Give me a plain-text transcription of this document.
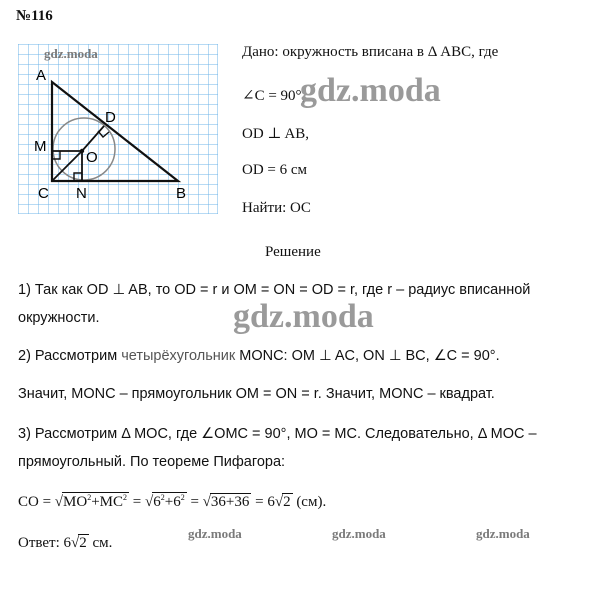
№116
A
M
O
D
C N	B
gdz.moda	Дано: окружность вписана в Δ ABC, где
∠C = 90°,
OD ⊥ AB,
OD = 6 см
Найти: OC
gdz.moda
Решение
1) Так как OD ⊥ AB, то OD = r и OM = ON = OD = r, где r – радиус вписанной
окружности.	gdz.moda
2) Рассмотрим четырёхугольник MONC: OM ⊥ AC, ON ⊥ BC, ∠C = 90°.
Значит, MONC – прямоугольник OM = ON = r. Значит, MONC – квадрат.
3) Рассмотрим Δ MOC, где ∠OMC = 90°, MO = MC. Следовательно, Δ MOC –
прямоугольный. По теореме Пифагора:
CO = $√MO^2+MC^2 = √6^2+6^2 = √36+36 = 6√2$ (см).
Ответ: 6√2 см.
gdz.moda	gdz.moda	gdz.moda
